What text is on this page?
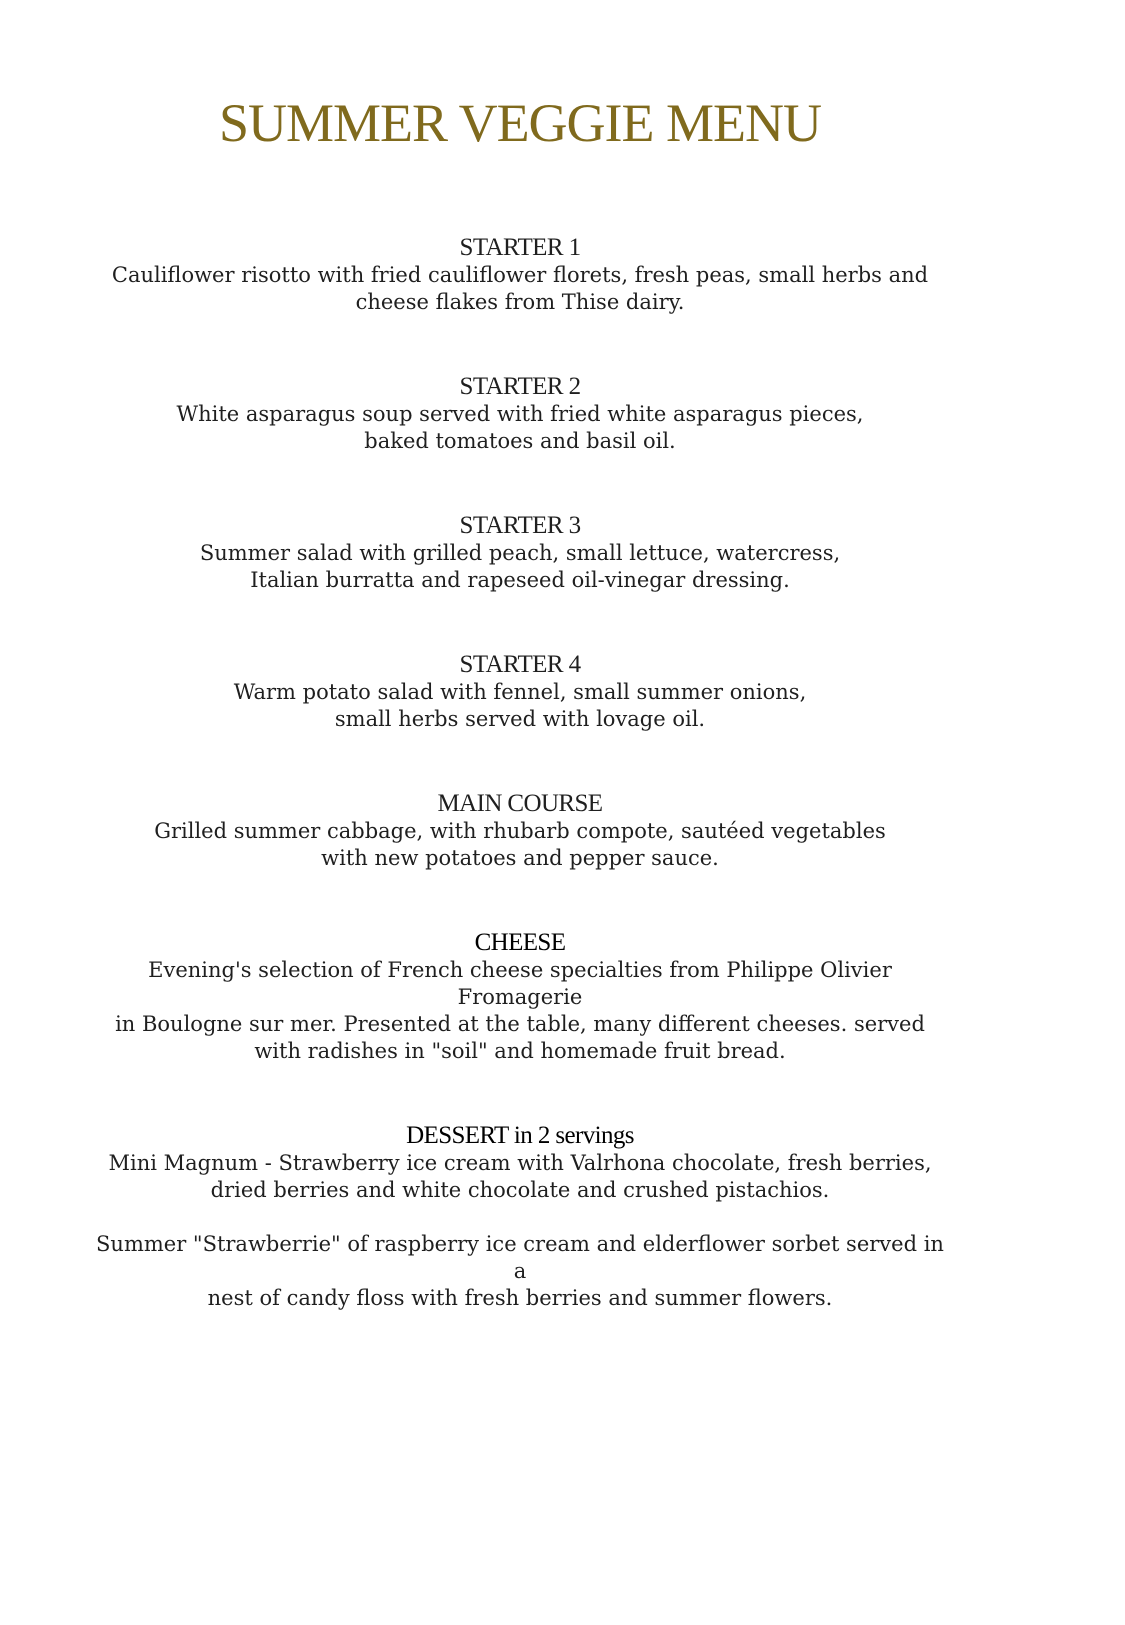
SUMMER VEGGIE MENU
STARTER 1
Cauliflower risotto with fried cauliflower florets, fresh peas, small herbs and
cheese flakes from Thise dairy.
STARTER 2
White asparagus soup served with fried white asparagus pieces,
baked tomatoes and basil oil.
STARTER 3
Summer salad with grilled peach, small lettuce, watercress,
Italian burratta and rapeseed oil-vinegar dressing.
STARTER 4
Warm potato salad with fennel, small summer onions,
small herbs served with lovage oil.
MAIN COURSE
Grilled summer cabbage, with rhubarb compote, sautéed vegetables
with new potatoes and pepper sauce.
CHEESE
Evening's selection of French cheese specialties from Philippe Olivier
Fromagerie
in Boulogne sur mer. Presented at the table, many different cheeses. served
with radishes in "soil" and homemade fruit bread.
DESSERT in 2 servings
Mini Magnum - Strawberry ice cream with Valrhona chocolate, fresh berries,
dried berries and white chocolate and crushed pistachios.
Summer "Strawberrie" of raspberry ice cream and elderflower sorbet served in
a
nest of candy floss with fresh berries and summer flowers.
